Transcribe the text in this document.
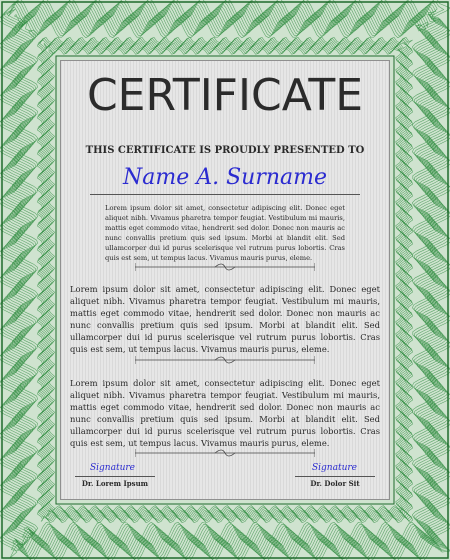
CERTIFICATE
THIS CERTIFICATE IS PROUDLY PRESENTED TO
Name A. Surname
Lorem ipsum dolor sit amet, consectetur adipiscing elit. Donec eget aliquet nibh. Vivamus pharetra tempor feugiat. Vestibulum mi mauris, mattis eget commodo vitae, hendrerit sed dolor. Donec non mauris ac nunc convallis pretium quis sed ipsum. Morbi at blandit elit. Sed ullamcorper dui id purus scelerisque vel rutrum purus lobortis. Cras quis est sem, ut tempus lacus. Vivamus mauris purus, eleme.
Lorem ipsum dolor sit amet, consectetur adipiscing elit. Donec eget aliquet nibh. Vivamus pharetra tempor feugiat. Vestibulum mi mauris, mattis eget commodo vitae, hendrerit sed dolor. Donec non mauris ac nunc convallis pretium quis sed ipsum. Morbi at blandit elit. Sed ullamcorper dui id purus scelerisque vel rutrum purus lobortis. Cras quis est sem, ut tempus lacus. Vivamus mauris purus, eleme.
Lorem ipsum dolor sit amet, consectetur adipiscing elit. Donec eget aliquet nibh. Vivamus pharetra tempor feugiat. Vestibulum mi mauris, mattis eget commodo vitae, hendrerit sed dolor. Donec non mauris ac nunc convallis pretium quis sed ipsum. Morbi at blandit elit. Sed ullamcorper dui id purus scelerisque vel rutrum purus lobortis. Cras quis est sem, ut tempus lacus. Vivamus mauris purus, eleme.
Signature
Dr. Lorem Ipsum
Signature
Dr. Dolor Sit
